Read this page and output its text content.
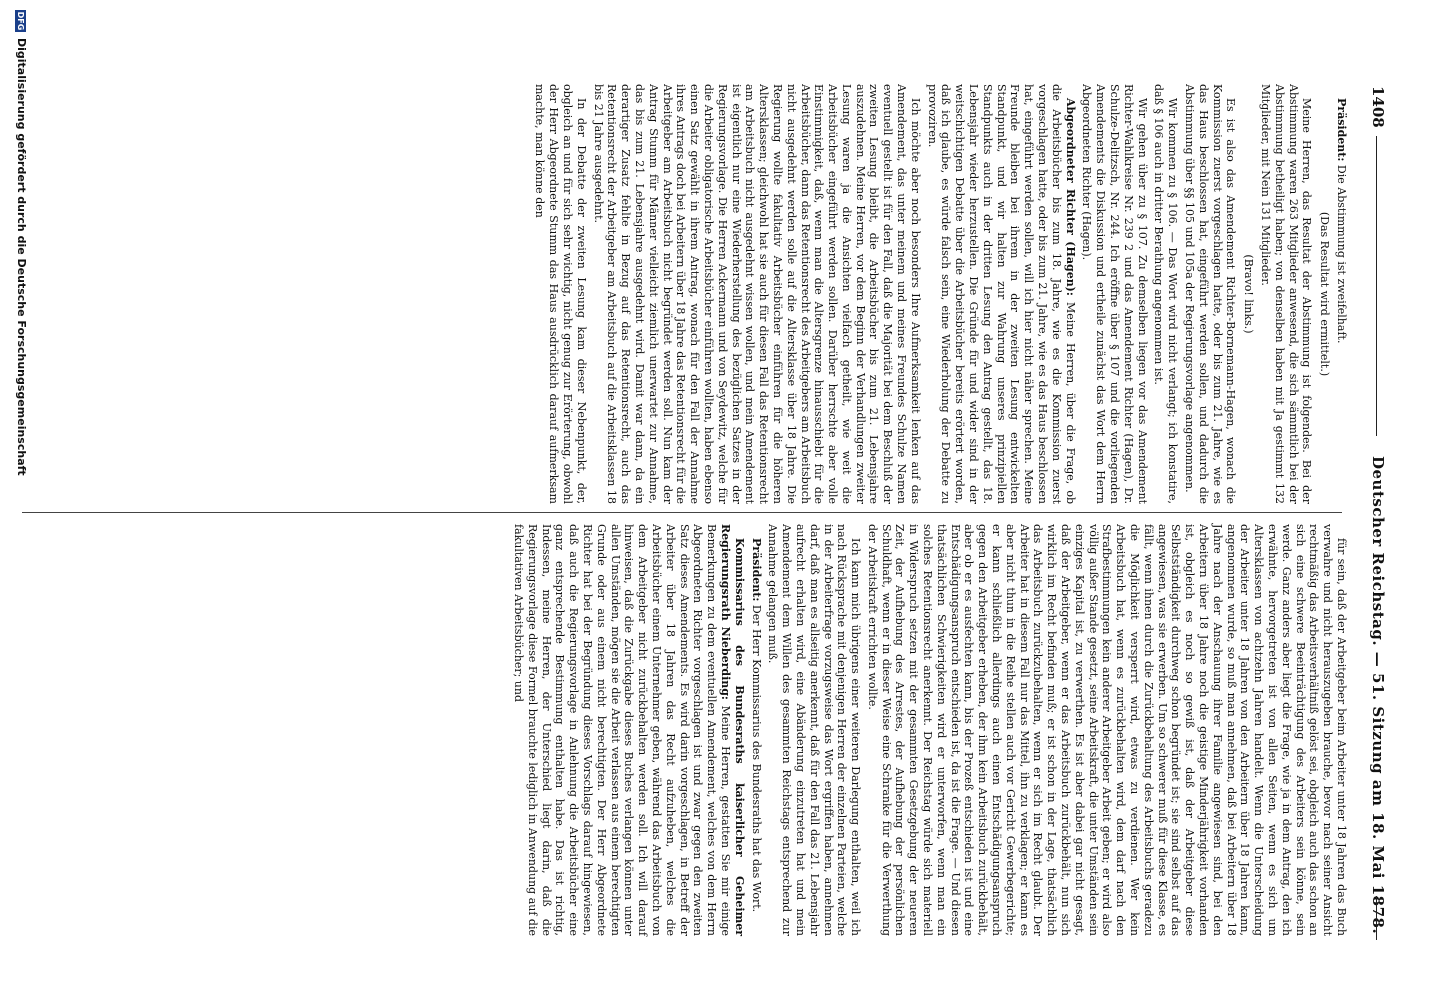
1408
Deutscher Reichstag. — 51. Sitzung am 18. Mai 1878.

Präsident: Die Abstimmung ist zweifelhaft.

(Das Resultat wird ermittelt.)

Meine Herren, das Resultat der Abstimmung ist folgendes. Bei der Abstimmung waren 263 Mitglieder anwesend, die sich sämmtlich bei der Abstimmung betheiligt haben; von denselben haben mit Ja gestimmt 132 Mitglieder, mit Nein 131 Mitglieder.

(Bravo! links.)

Es ist also das Amendement Richter-Bornemann-Hagen, wonach die Kommission zuerst vorgeschlagen hatte, oder bis zum 21. Jahre, wie es das Haus beschlossen hat, eingeführt werden sollen, und dadurch die Abstimmung über §§ 105 und 105a der Regierungsvorlage angenommen.

Wir kommen zu § 106. — Das Wort wird nicht verlangt; ich konstatire, daß § 106 auch in dritter Berathung angenommen ist.

Wir gehen über zu § 107. Zu demselben liegen vor das Amendement Richter-Wahlkreise Nr. 239 2 und das Amendement Richter (Hagen), Dr. Schulze-Delitzsch, Nr. 244. Ich eröffne über § 107 und die vorliegenden Amendements die Diskussion und ertheile zunächst das Wort dem Herrn Abgeordneten Richter (Hagen).

Abgeordneter Richter (Hagen): Meine Herren, über die Frage, ob die Arbeitsbücher bis zum 18. Jahre, wie es die Kommission zuerst vorgeschlagen hatte, oder bis zum 21. Jahre, wie es das Haus beschlossen hat, eingeführt werden sollen, will ich hier nicht näher sprechen. Meine Freunde bleiben bei ihrem in der zweiten Lesung entwickelten Standpunkt, und wir halten zur Wahrung unseres prinzipiellen Standpunkts auch in der dritten Lesung den Antrag gestellt, das 18. Lebensjahr wieder herzustellen. Die Gründe für und wider sind in der weitschichtigen Debatte über die Arbeitsbücher bereits erörtert worden, daß ich glaube, es würde falsch sein, eine Wiederholung der Debatte zu provoziren.

Ich möchte aber noch besonders Ihre Aufmerksamkeit lenken auf das Amendement, das unter meinem und meines Freundes Schulze Namen eventuell gestellt ist für den Fall, daß die Majorität bei dem Beschluß der zweiten Lesung bleibt, die Arbeitsbücher bis zum 21. Lebensjahre auszudehnen. Meine Herren, vor dem Beginn der Verhandlungen zweiter Lesung waren ja die Ansichten vielfach getheilt, wie weit die Arbeitsbücher eingeführt werden sollen. Darüber herrschte aber volle Einstimmigkeit, daß, wenn man die Altersgrenze hinausschiebt für die Arbeitsbücher, dann das Retentionsrecht des Arbeitgebers am Arbeitsbuch nicht ausgedehnt werden solle auf die Altersklasse über 18 Jahre. Die Regierung wollte fakultativ Arbeitsbücher einführen für die höheren Altersklassen; gleichwohl hat sie auch für diesen Fall das Retentionsrecht am Arbeitsbuch nicht ausgedehnt wissen wollen, und mein Amendement ist eigentlich nur eine Wiederherstellung des bezüglichen Satzes in der Regierungsvorlage. Die Herren Ackermann und von Seydewitz, welche für die Arbeiter obligatorische Arbeitsbücher einführen wollten, haben ebenso einen Satz gewählt in ihrem Antrag, wonach für den Fall der Annahme ihres Antrags doch bei Arbeitern über 18 Jahre das Retentionsrecht für die Arbeitgeber am Arbeitsbuch nicht begründet werden soll. Nun kam der Antrag Stumm für Männer vielleicht ziemlich unerwartet zur Annahme, das bis zum 21. Lebensjahre ausgedehnt wird. Damit war dann, da ein derartiger Zusatz fehlte in Bezug auf das Retentionsrecht, auch das Retentionsrecht der Arbeitgeber am Arbeitsbuch auf die Arbeitsklassen 18 bis 21 Jahre ausgedehnt.

In der Debatte der zweiten Lesung kam dieser Nebenpunkt, der, obgleich an und für sich sehr wichtig, nicht genug zur Erörterung, obwohl der Herr Abgeordnete Stumm das Haus ausdrücklich darauf aufmerksam machte, man könne den

für sein, daß der Arbeitgeber beim Arbeiter unter 18 Jahren das Buch verwahre und nicht herauszugeben brauche, bevor nach seiner Ansicht rechtmäßig das Arbeitsverhältniß gelöst sei, obgleich auch das schon an sich eine schwere Beeinträchtigung des Arbeiters sein könne, sein werde. Ganz anders aber liegt die Frage, wie ja in dem Antrag, den ich erwähnte, hervorgetreten ist von allen Seiten, wenn es sich um Altersklassen von achtzehn Jahren handelt. Wenn die Unterscheidung der Arbeiter unter 18 Jahren von den Arbeitern über 18 Jahren kann, angenommen wurde, so muß man annehmen, daß bei Arbeitern über 18 Jahre nach der Anschauung ihrer Familie angewiesen sind, bei den Arbeitern über 18 Jahre noch die geistige Minderjährigkeit vorhanden ist, obgleich es noch so gewiß ist, daß der Arbeitgeber diese Selbstständigkeit durchweg schon begründet ist; sie sind selbst auf das angewiesen, was sie erwerben. Um so schwerer muß für diese Klasse, es fällt, wenn ihnen durch die Zurückbehaltung des Arbeitsbuchs geradezu die Möglichkeit versperrt wird, etwas zu verdienen. Wer kein Arbeitsbuch hat, wenn es zurückbehalten wird, dem darf nach den Strafbestimmungen kein anderer Arbeitgeber Arbeit geben; er wird also völlig außer Stande gesetzt, seine Arbeitskraft, die unter Umständen sein einziges Kapital ist, zu verwerthen. Es ist aber dabei gar nicht gesagt, daß der Arbeitgeber, wenn er das Arbeitsbuch zurückbehält, nun sich wirklich im Recht befinden muß; er ist schon in der Lage, thatsächlich das Arbeitsbuch zurückzubehalten, wenn er sich im Recht glaubt. Der Arbeiter hat in diesem Fall nur das Mittel, ihn zu verklagen; er kann es aber nicht thun in die Reihe stellen auch vor Gericht Gewerbegerichte; er kann schließlich allerdings auch einen Entschädigungsanspruch gegen den Arbeitgeber erheben, der ihm kein Arbeitsbuch zurückbehält, aber ob er es ausfechten kann, bis der Prozeß entschieden ist und eine Entschädigungsanspruch entschieden ist, da ist die Frage. — Und diesen thatsächlichen Schwierigkeiten wird er unterworfen, wenn man ein solches Retentionsrecht anerkennt. Der Reichstag würde sich materiell in Widerspruch setzen mit der gesammten Gesetzgebung der neueren Zeit, der Aufhebung des Arrestes, der Aufhebung der persönlichen Schuldhaft, wenn er in dieser Weise eine Schranke für die Verwerthung der Arbeitskraft errichten wollte.

Ich kann mich übrigens einer weiteren Darlegung enthalten, weil ich nach Rücksprache mit denjenigen Herren der einzelnen Parteien, welche in der Arbeiterfrage vorzugsweise das Wort ergriffen haben, annehmen darf, daß man es allseitig anerkennt, daß für den Fall das 21. Lebensjahr aufrecht erhalten wird, eine Abänderung einzutreten hat und mein Amendement dem Willen des gesammten Reichstags entsprechend zur Annahme gelangen muß.

Präsident: Der Herr Kommissarius des Bundesraths hat das Wort.

Kommissarius des Bundesraths kaiserlicher Geheimer Regierungsrath Nieberding: Meine Herren, gestatten Sie mir einige Bemerkungen zu dem eventuellen Amendement, welches von dem Herrn Abgeordneten Richter vorgeschlagen ist und zwar gegen den zweiten Satz dieses Amendements. Es wird darin vorgeschlagen, in Betreff der Arbeiter über 18 Jahren das Recht aufzuheben, welches die Arbeitsbücher einem Unternehmer geben, während das Arbeitsbuch von dem Arbeitgeber nicht zurückbehalten werden soll. Ich will darauf hinweisen, daß die Zurückgabe dieses Buches verlangen können unter allen Umständen, mögen sie die Arbeit verlassen aus einem berechtigten Grunde oder aus einem nicht berechtigten. Der Herr Abgeordnete Richter hat bei der Begründung dieses Vorschlags darauf hingewiesen, daß auch die Regierungsvorlage in Anlehnung die Arbeitsbücher eine ganz entsprechende Bestimmung enthalten habe. Das ist richtig, Indessen, meine Herren, der Unterschied liegt darin, daß die Regierungsvorlage diese Formel brauchte lediglich in Anwendung auf die fakultativen Arbeitsbücher; und

DFGDigitalisierung gefördert durch die Deutsche Forschungsgemeinschaft
